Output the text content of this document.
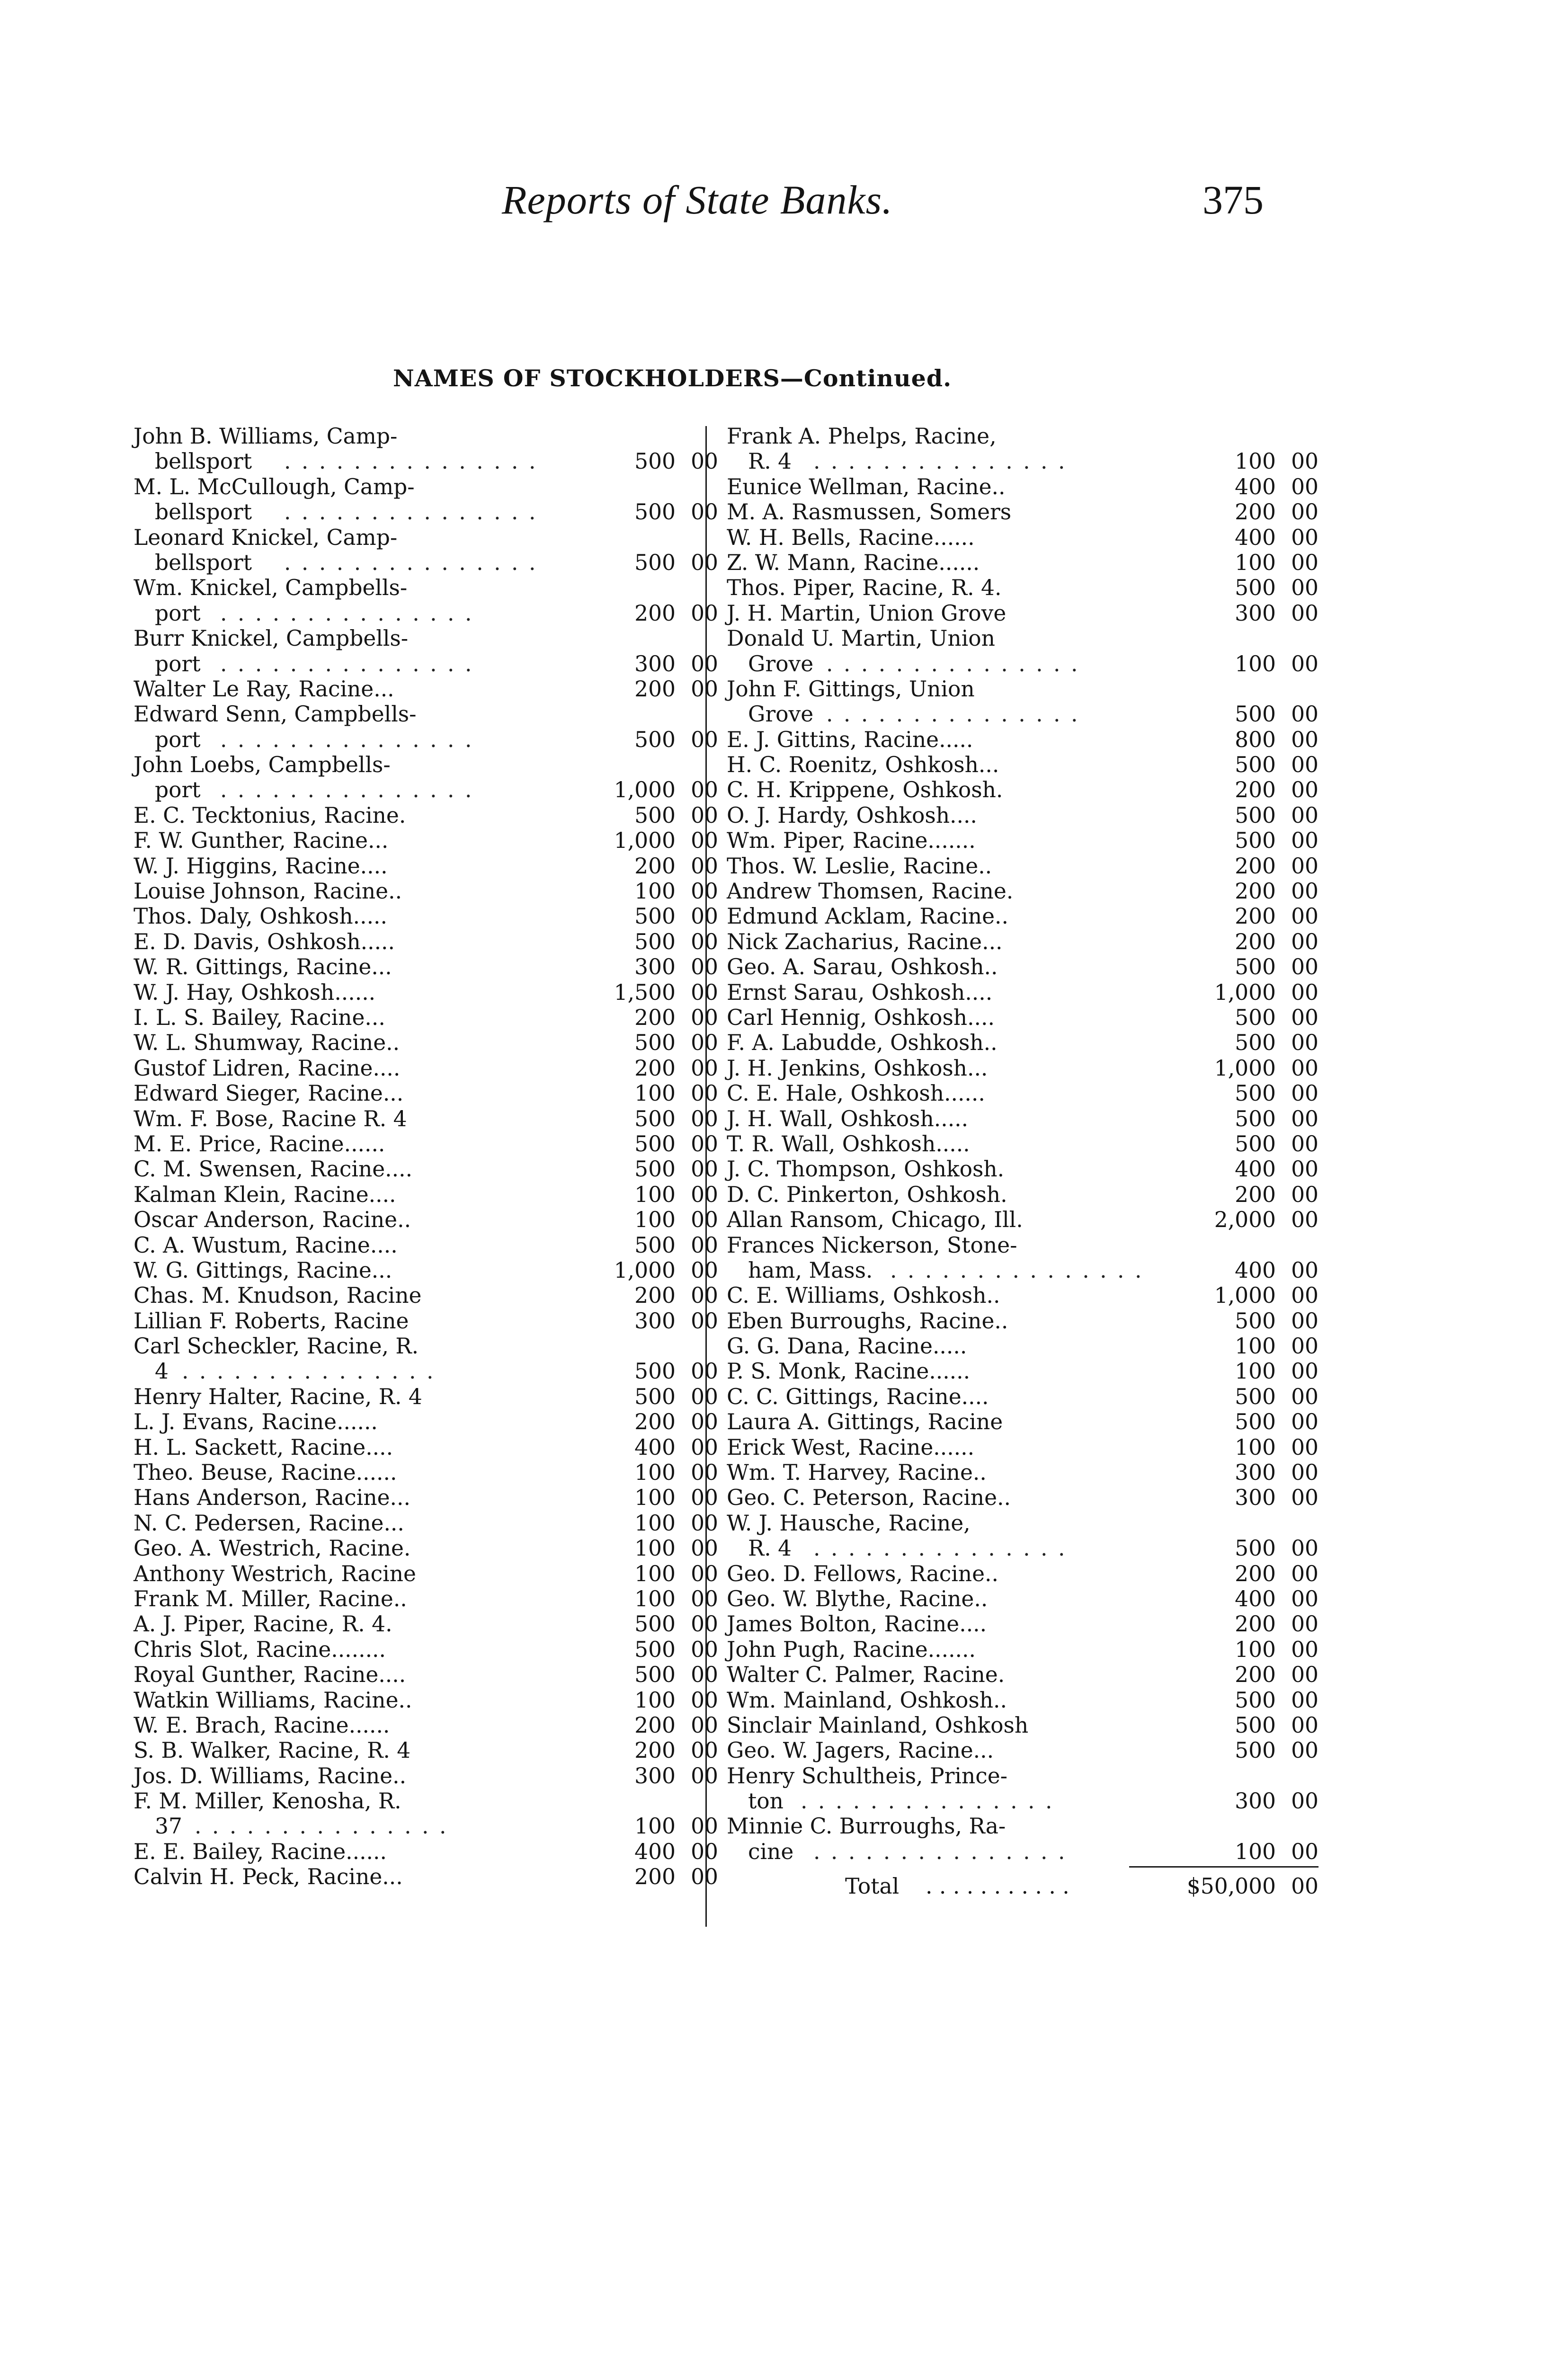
Reports of State Banks.	375
NAMES OF STOCKHOLDERS—Continued.
John B. Williams, Camp-
bellsport . . . . . . . . . . . . . . .	500 00
M. L. McCullough, Camp-
bellsport . . . . . . . . . . . . . . .	500 00
Leonard Knickel, Camp-
bellsport . . . . . . . . . . . . . . .	500 00
Wm. Knickel, Campbells-
port . . . . . . . . . . . . . . .	200 00
Burr Knickel, Campbells-
port . . . . . . . . . . . . . . .	300 00
Walter Le Ray, Racine...	200 00
Edward Senn, Campbells-
port . . . . . . . . . . . . . . .	500 00
John Loebs, Campbells-
port . . . . . . . . . . . . . . .	1,000 00
E. C. Tecktonius, Racine.	500 00
F. W. Gunther, Racine...	1,000 00
W. J. Higgins, Racine....	200 00
Louise Johnson, Racine..	100 00
Thos. Daly, Oshkosh.....	500 00
E. D. Davis, Oshkosh.....	500 00
W. R. Gittings, Racine...	300 00
W. J. Hay, Oshkosh......	1,500 00
I. L. S. Bailey, Racine...	200 00
W. L. Shumway, Racine..	500 00
Gustof Lidren, Racine....	200 00
Edward Sieger, Racine...	100 00
Wm. F. Bose, Racine R. 4	500 00
M. E. Price, Racine......	500 00
C. M. Swensen, Racine....	500 00
Kalman Klein, Racine....	100 00
Oscar Anderson, Racine..	100 00
C. A. Wustum, Racine....	500 00
W. G. Gittings, Racine...	1,000 00
Chas. M. Knudson, Racine	200 00
Lillian F. Roberts, Racine	300 00
Carl Scheckler, Racine, R.
4 . . . . . . . . . . . . . . .	500 00
Henry Halter, Racine, R. 4	500 00
L. J. Evans, Racine......	200 00
H. L. Sackett, Racine....	400 00
Theo. Beuse, Racine......	100 00
Hans Anderson, Racine...	100 00
N. C. Pedersen, Racine...	100 00
Geo. A. Westrich, Racine.	100 00
Anthony Westrich, Racine	100 00
Frank M. Miller, Racine..	100 00
A. J. Piper, Racine, R. 4.	500 00
Chris Slot, Racine........	500 00
Royal Gunther, Racine....	500 00
Watkin Williams, Racine..	100 00
W. E. Brach, Racine......	200 00
S. B. Walker, Racine, R. 4	200 00
Jos. D. Williams, Racine..	300 00
F. M. Miller, Kenosha, R.
37 . . . . . . . . . . . . . . .	100 00
E. E. Bailey, Racine......	400 00
Calvin H. Peck, Racine...	200 00
Frank A. Phelps, Racine,
R. 4 . . . . . . . . . . . . . . .	100 00
Eunice Wellman, Racine..	400 00
M. A. Rasmussen, Somers	200 00
W. H. Bells, Racine......	400 00
Z. W. Mann, Racine......	100 00
Thos. Piper, Racine, R. 4.	500 00
J. H. Martin, Union Grove	300 00
Donald U. Martin, Union
Grove . . . . . . . . . . . . . . .	100 00
John F. Gittings, Union
Grove . . . . . . . . . . . . . . .	500 00
E. J. Gittins, Racine.....	800 00
H. C. Roenitz, Oshkosh...	500 00
C. H. Krippene, Oshkosh.	200 00
O. J. Hardy, Oshkosh....	500 00
Wm. Piper, Racine.......	500 00
Thos. W. Leslie, Racine..	200 00
Andrew Thomsen, Racine.	200 00
Edmund Acklam, Racine..	200 00
Nick Zacharius, Racine...	200 00
Geo. A. Sarau, Oshkosh..	500 00
Ernst Sarau, Oshkosh....	1,000 00
Carl Hennig, Oshkosh....	500 00
F. A. Labudde, Oshkosh..	500 00
J. H. Jenkins, Oshkosh...	1,000 00
C. E. Hale, Oshkosh......	500 00
J. H. Wall, Oshkosh.....	500 00
T. R. Wall, Oshkosh.....	500 00
J. C. Thompson, Oshkosh.	400 00
D. C. Pinkerton, Oshkosh.	200 00
Allan Ransom, Chicago, Ill.	2,000 00
Frances Nickerson, Stone-
ham, Mass. . . . . . . . . . . . . . . .	400 00
C. E. Williams, Oshkosh..	1,000 00
Eben Burroughs, Racine..	500 00
G. G. Dana, Racine.....	100 00
P. S. Monk, Racine......	100 00
C. C. Gittings, Racine....	500 00
Laura A. Gittings, Racine	500 00
Erick West, Racine......	100 00
Wm. T. Harvey, Racine..	300 00
Geo. C. Peterson, Racine..	300 00
W. J. Hausche, Racine,
R. 4 . . . . . . . . . . . . . . .	500 00
Geo. D. Fellows, Racine..	200 00
Geo. W. Blythe, Racine..	400 00
James Bolton, Racine....	200 00
John Pugh, Racine.......	100 00
Walter C. Palmer, Racine.	200 00
Wm. Mainland, Oshkosh..	500 00
Sinclair Mainland, Oshkosh	500 00
Geo. W. Jagers, Racine...	500 00
Henry Schultheis, Prince-
ton . . . . . . . . . . . . . . .	300 00
Minnie C. Burroughs, Ra-
cine . . . . . . . . . . . . . . .	100 00
Total . . . . . . . . . . .	$50,000 00
